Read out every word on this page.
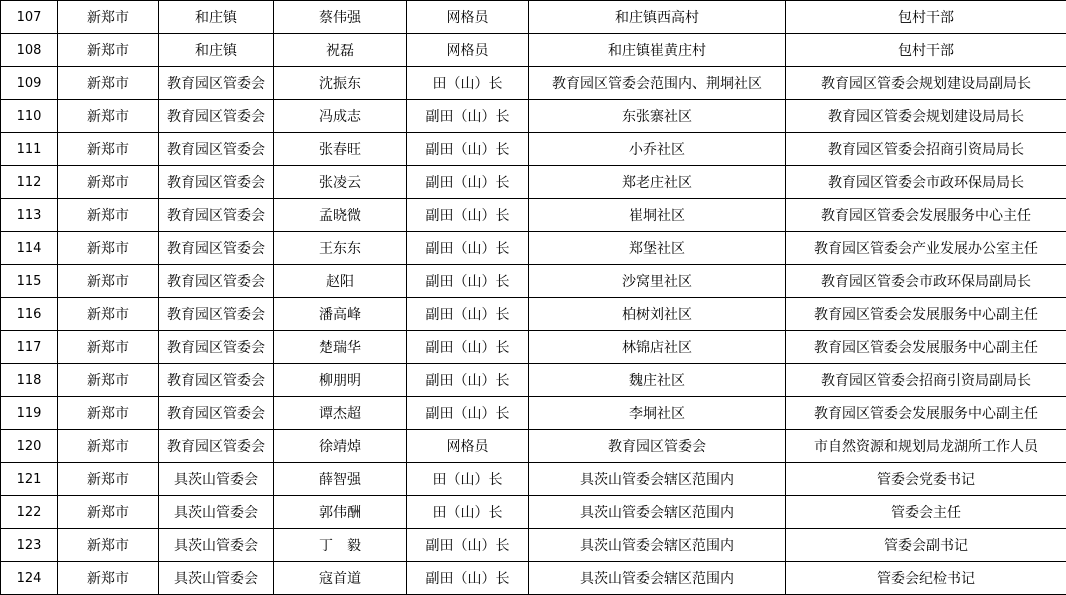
107	新郑市	和庄镇	蔡伟强	网格员	和庄镇西高村	包村干部
108	新郑市	和庄镇	祝磊	网格员	和庄镇崔黄庄村	包村干部
109	新郑市	教育园区管委会	沈振东	田（山）长	教育园区管委会范围内、荆垌社区	教育园区管委会规划建设局副局长
110	新郑市	教育园区管委会	冯成志	副田（山）长	东张寨社区	教育园区管委会规划建设局局长
111	新郑市	教育园区管委会	张春旺	副田（山）长	小乔社区	教育园区管委会招商引资局局长
112	新郑市	教育园区管委会	张凌云	副田（山）长	郑老庄社区	教育园区管委会市政环保局局长
113	新郑市	教育园区管委会	孟晓微	副田（山）长	崔垌社区	教育园区管委会发展服务中心主任
114	新郑市	教育园区管委会	王东东	副田（山）长	郑堡社区	教育园区管委会产业发展办公室主任
115	新郑市	教育园区管委会	赵阳	副田（山）长	沙窝里社区	教育园区管委会市政环保局副局长
116	新郑市	教育园区管委会	潘高峰	副田（山）长	柏树刘社区	教育园区管委会发展服务中心副主任
117	新郑市	教育园区管委会	楚瑞华	副田（山）长	林锦店社区	教育园区管委会发展服务中心副主任
118	新郑市	教育园区管委会	柳朋明	副田（山）长	魏庄社区	教育园区管委会招商引资局副局长
119	新郑市	教育园区管委会	谭杰超	副田（山）长	李垌社区	教育园区管委会发展服务中心副主任
120	新郑市	教育园区管委会	徐靖焯	网格员	教育园区管委会	市自然资源和规划局龙湖所工作人员
121	新郑市	具茨山管委会	薛智强	田（山）长	具茨山管委会辖区范围内	管委会党委书记
122	新郑市	具茨山管委会	郭伟酬	田（山）长	具茨山管委会辖区范围内	管委会主任
123	新郑市	具茨山管委会	丁　毅	副田（山）长	具茨山管委会辖区范围内	管委会副书记
124	新郑市	具茨山管委会	寇首道	副田（山）长	具茨山管委会辖区范围内	管委会纪检书记
